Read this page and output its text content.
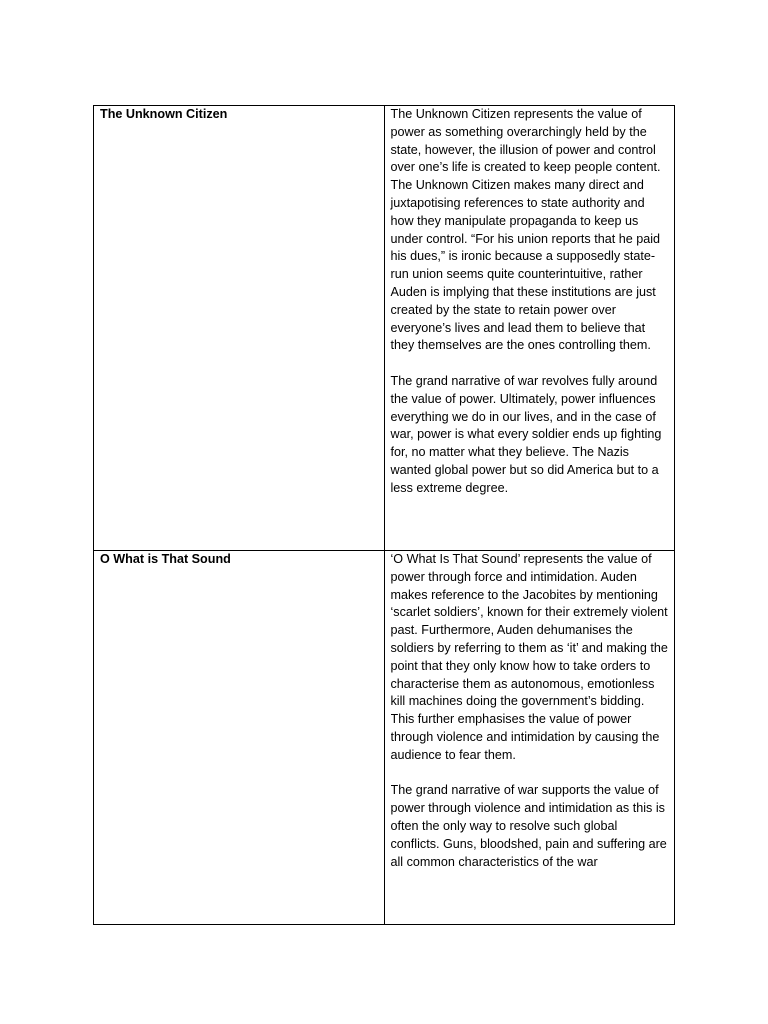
The Unknown Citizen	The Unknown Citizen represents the value of power as something overarchingly held by the state, however, the illusion of power and control over one’s life is created to keep people content. The Unknown Citizen makes many direct and juxtapotising references to state authority and how they manipulate propaganda to keep us under control. “For his union reports that he paid his dues,” is ironic because a supposedly state-run union seems quite counterintuitive, rather Auden is implying that these institutions are just created by the state to retain power over everyone’s lives and lead them to believe that they themselves are the ones controlling them.

The grand narrative of war revolves fully around the value of power. Ultimately, power influences everything we do in our lives, and in the case of war, power is what every soldier ends up fighting for, no matter what they believe. The Nazis wanted global power but so did America but to a less extreme degree.

O What is That Sound	‘O What Is That Sound’ represents the value of power through force and intimidation. Auden makes reference to the Jacobites by mentioning ‘scarlet soldiers’, known for their extremely violent past. Furthermore, Auden dehumanises the soldiers by referring to them as ‘it’ and making the point that they only know how to take orders to characterise them as autonomous, emotionless kill machines doing the government’s bidding. This further emphasises the value of power through violence and intimidation by causing the audience to fear them.

The grand narrative of war supports the value of power through violence and intimidation as this is often the only way to resolve such global conflicts. Guns, bloodshed, pain and suffering are all common characteristics of the war
